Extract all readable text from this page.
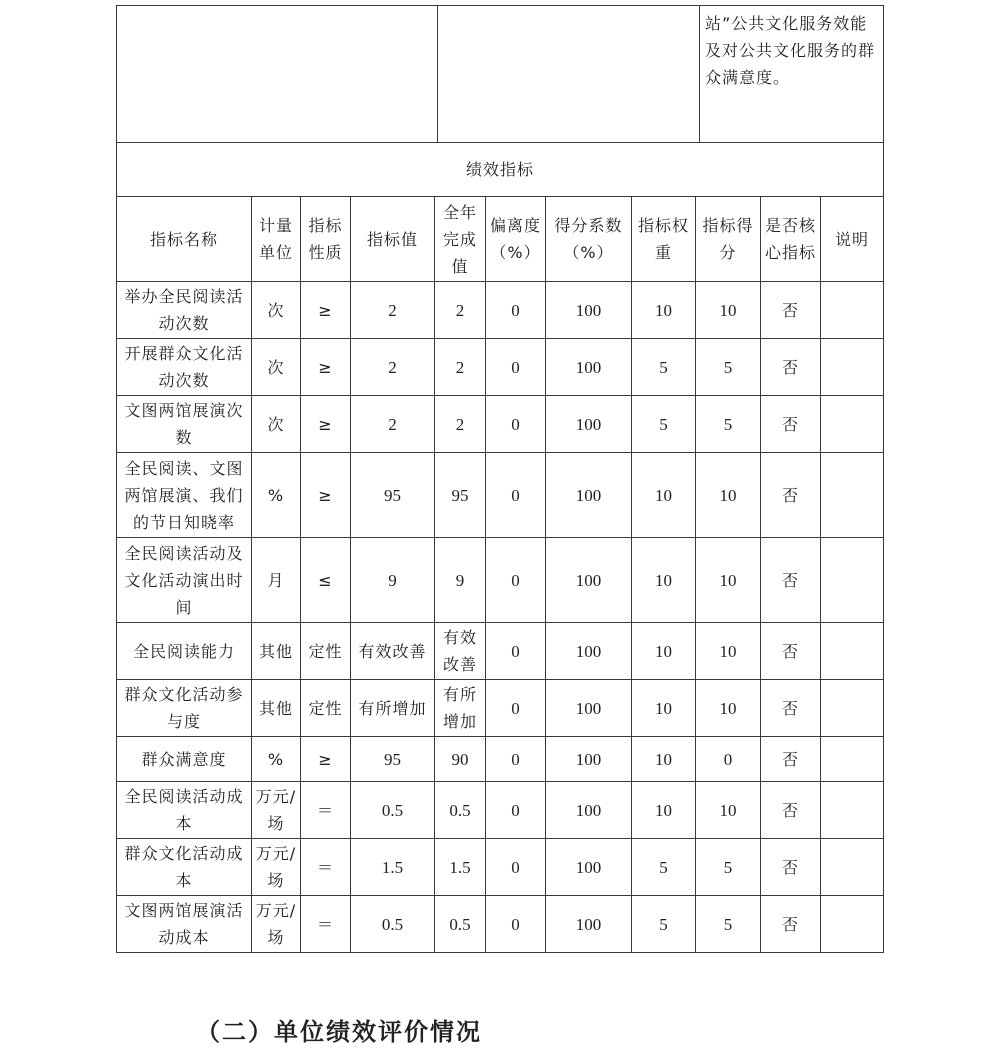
		站”公共文化服务效能及对公共文化服务的群众满意度。
绩效指标										
指标名称	计量单位	指标性质	指标值	全年完成值	偏离度（%）	得分系数（%）	指标权重	指标得分	是否核心指标	说明
举办全民阅读活动次数	次	≥	2	2	0	100	10	10	否	
开展群众文化活动次数	次	≥	2	2	0	100	5	5	否	
文图两馆展演次数	次	≥	2	2	0	100	5	5	否	
全民阅读、文图两馆展演、我们的节日知晓率	%	≥	95	95	0	100	10	10	否	
全民阅读活动及文化活动演出时间	月	≤	9	9	0	100	10	10	否	
全民阅读能力	其他	定性	有效改善	有效改善	0	100	10	10	否	
群众文化活动参与度	其他	定性	有所增加	有所增加	0	100	10	10	否	
群众满意度	%	≥	95	90	0	100	10	0	否	
全民阅读活动成本	万元/场	＝	0.5	0.5	0	100	10	10	否	
群众文化活动成本	万元/场	＝	1.5	1.5	0	100	5	5	否	
文图两馆展演活动成本	万元/场	＝	0.5	0.5	0	100	5	5	否	
（二）单位绩效评价情况
